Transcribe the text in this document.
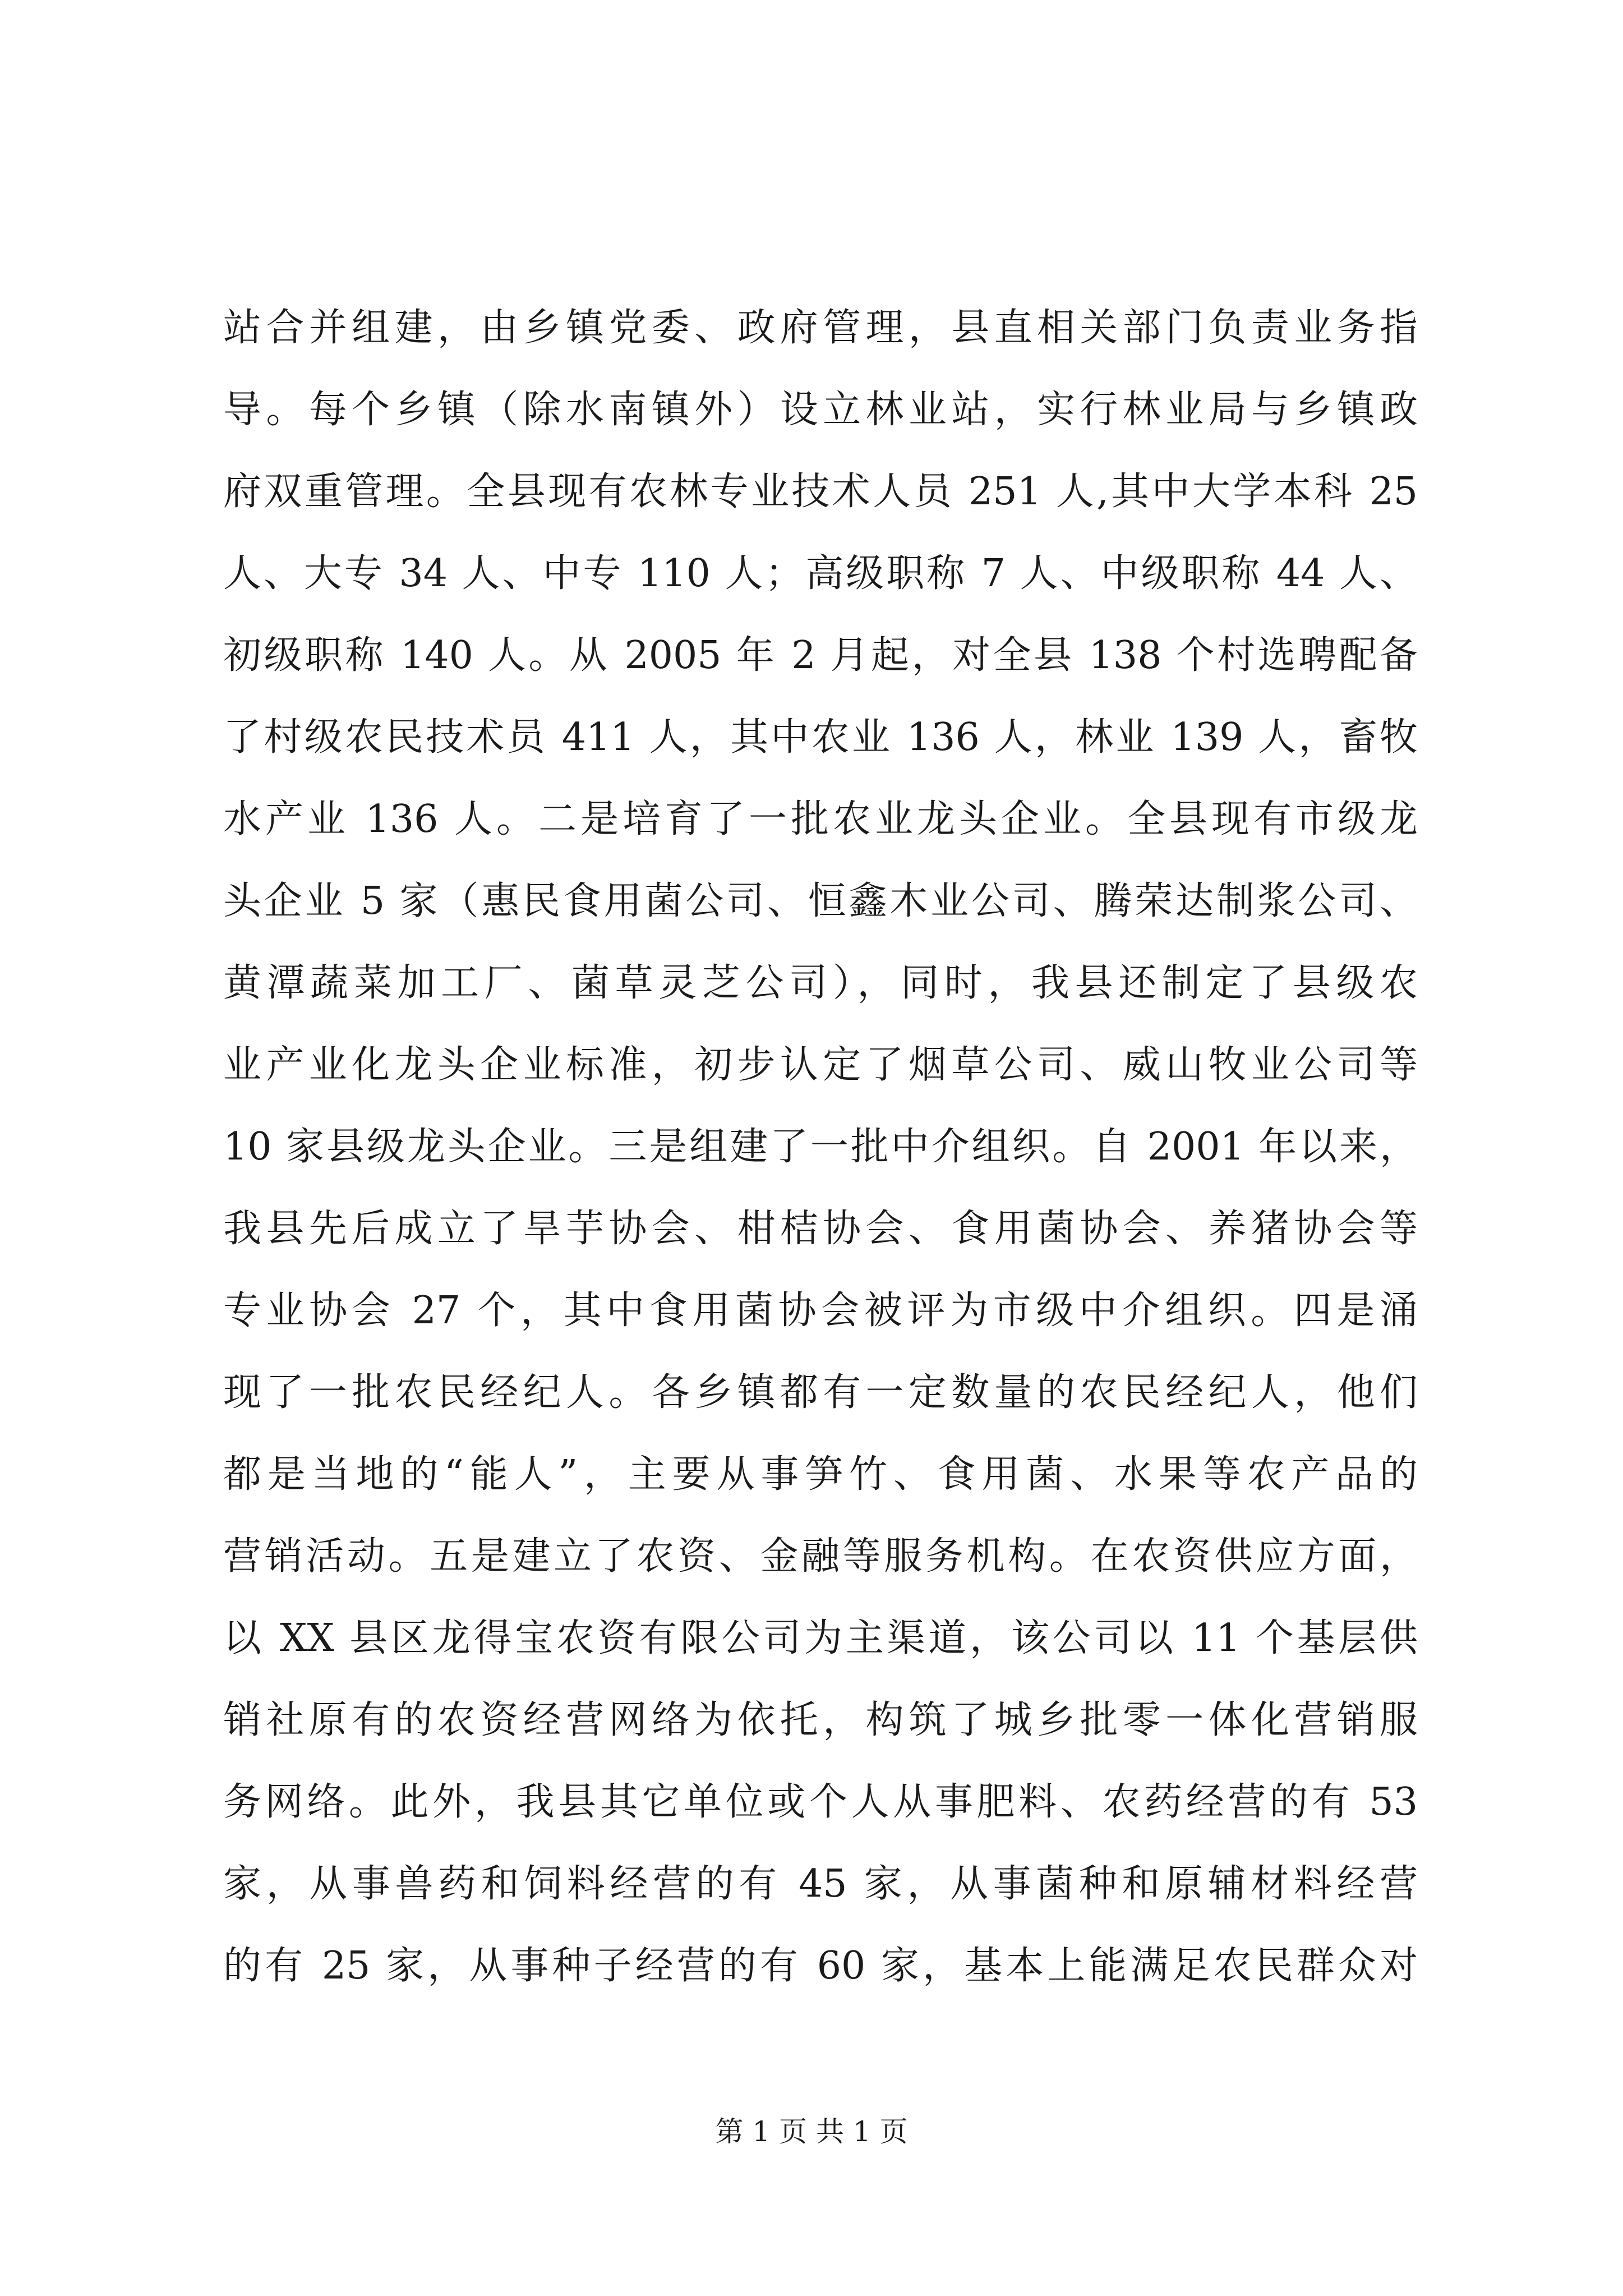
站合并组建，由乡镇党委、政府管理，县直相关部门负责业务指
导。每个乡镇（除水南镇外）设立林业站，实行林业局与乡镇政
府双重管理。全县现有农林专业技术人员 251 人,其中大学本科 25
人、大专 34 人、中专 110 人；高级职称 7 人、中级职称 44 人、
初级职称 140 人。从 2005 年 2 月起，对全县 138 个村选聘配备
了村级农民技术员 411 人，其中农业 136 人，林业 139 人，畜牧
水产业 136 人。二是培育了一批农业龙头企业。全县现有市级龙
头企业 5 家（惠民食用菌公司、恒鑫木业公司、腾荣达制浆公司、
黄潭蔬菜加工厂、菌草灵芝公司），同时，我县还制定了县级农
业产业化龙头企业标准，初步认定了烟草公司、威山牧业公司等
10 家县级龙头企业。三是组建了一批中介组织。自 2001 年以来，
我县先后成立了旱芋协会、柑桔协会、食用菌协会、养猪协会等
专业协会 27 个，其中食用菌协会被评为市级中介组织。四是涌
现了一批农民经纪人。各乡镇都有一定数量的农民经纪人，他们
都是当地的“能人”，主要从事笋竹、食用菌、水果等农产品的
营销活动。五是建立了农资、金融等服务机构。在农资供应方面，
以 XX 县区龙得宝农资有限公司为主渠道，该公司以 11 个基层供
销社原有的农资经营网络为依托，构筑了城乡批零一体化营销服
务网络。此外，我县其它单位或个人从事肥料、农药经营的有 53
家，从事兽药和饲料经营的有 45 家，从事菌种和原辅材料经营
的有 25 家，从事种子经营的有 60 家，基本上能满足农民群众对
第 1 页 共 1 页
